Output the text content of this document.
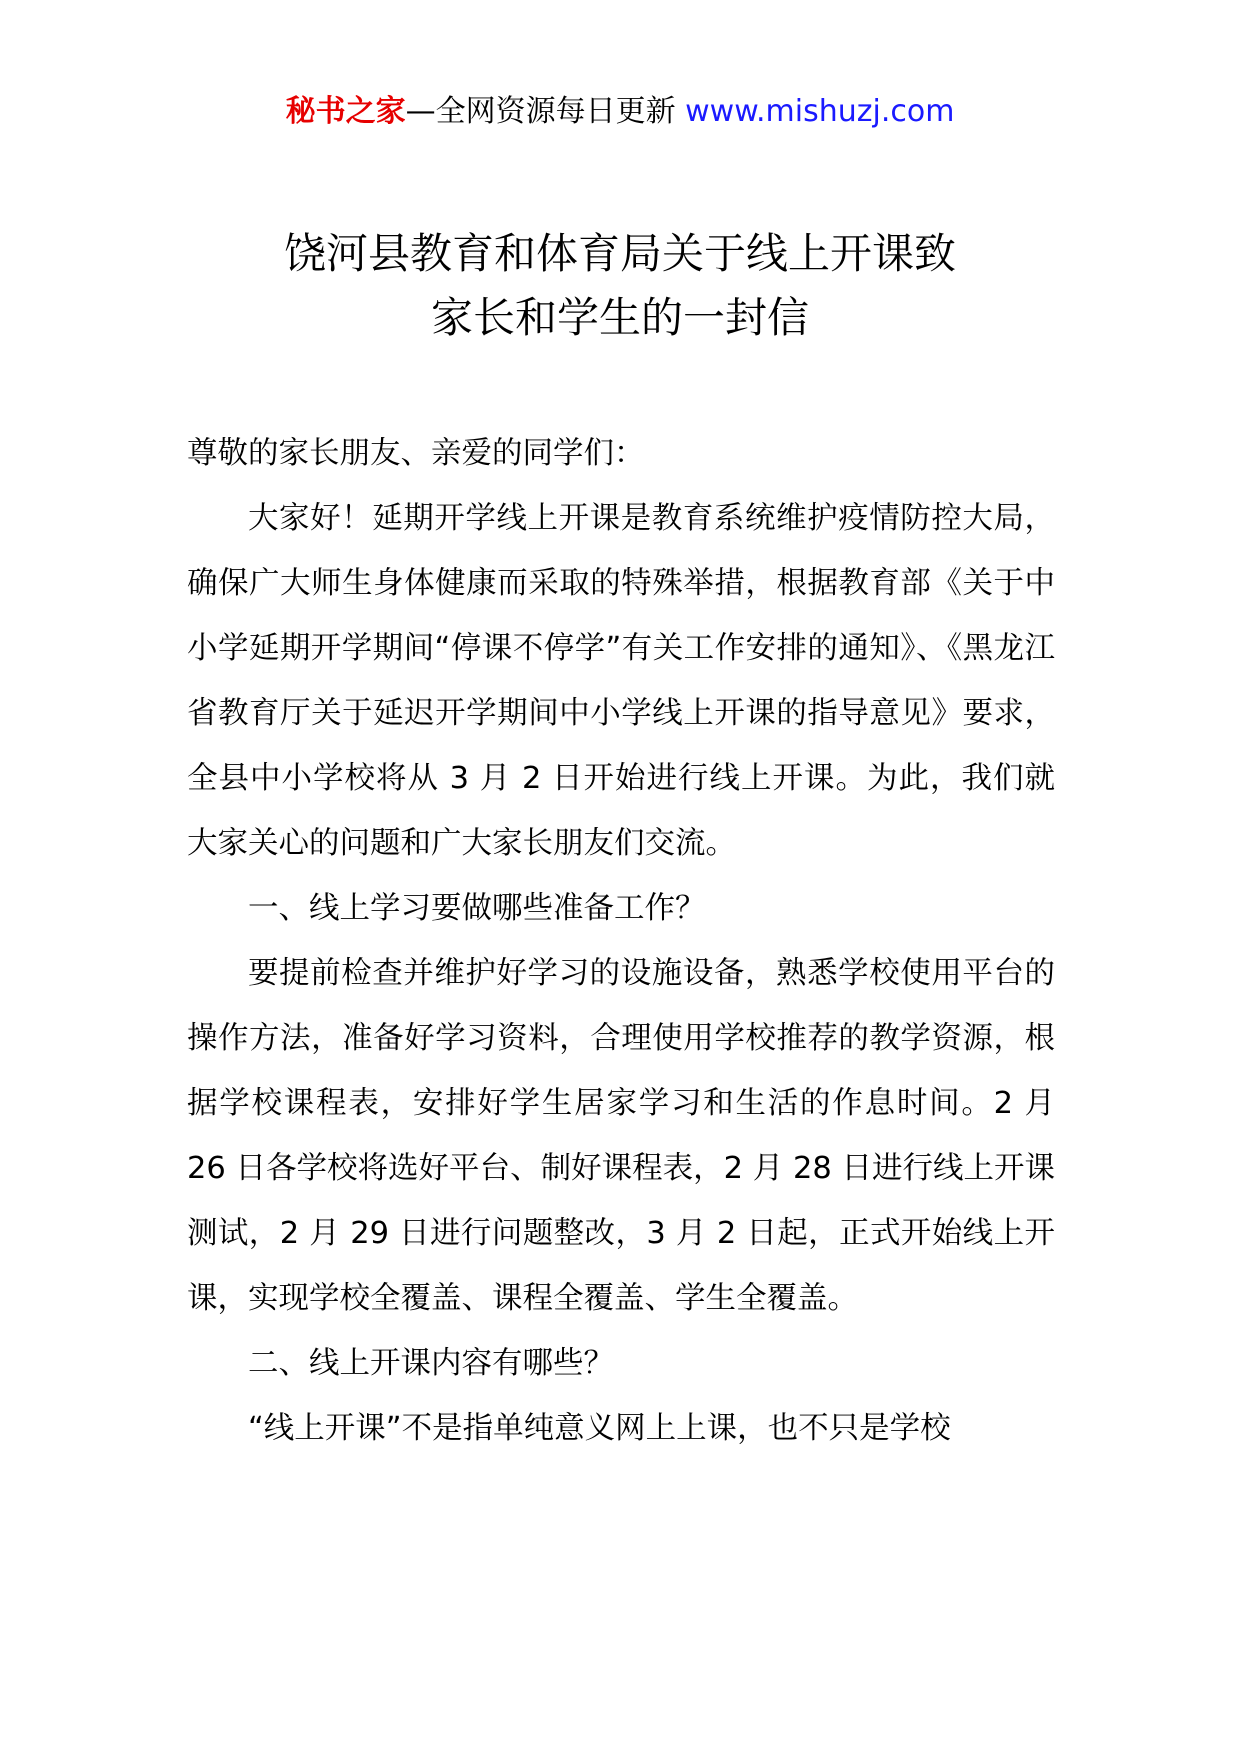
秘书之家—全网资源每日更新 www.mishuzj.com
饶河县教育和体育局关于线上开课致
家长和学生的一封信

尊敬的家长朋友、亲爱的同学们：

大家好！延期开学线上开课是教育系统维护疫情防控大局，确保广大师生身体健康而采取的特殊举措，根据教育部《关于中小学延期开学期间“停课不停学”有关工作安排的通知》、《黑龙江省教育厅关于延迟开学期间中小学线上开课的指导意见》要求，全县中小学校将从 3 月 2 日开始进行线上开课。为此，我们就大家关心的问题和广大家长朋友们交流。

一、线上学习要做哪些准备工作？

要提前检查并维护好学习的设施设备，熟悉学校使用平台的操作方法，准备好学习资料，合理使用学校推荐的教学资源，根据学校课程表，安排好学生居家学习和生活的作息时间。2 月 26 日各学校将选好平台、制好课程表，2 月 28 日进行线上开课测试，2 月 29 日进行问题整改，3 月 2 日起，正式开始线上开课，实现学校全覆盖、课程全覆盖、学生全覆盖。

二、线上开课内容有哪些？

“线上开课”不是指单纯意义网上上课，也不只是学校
